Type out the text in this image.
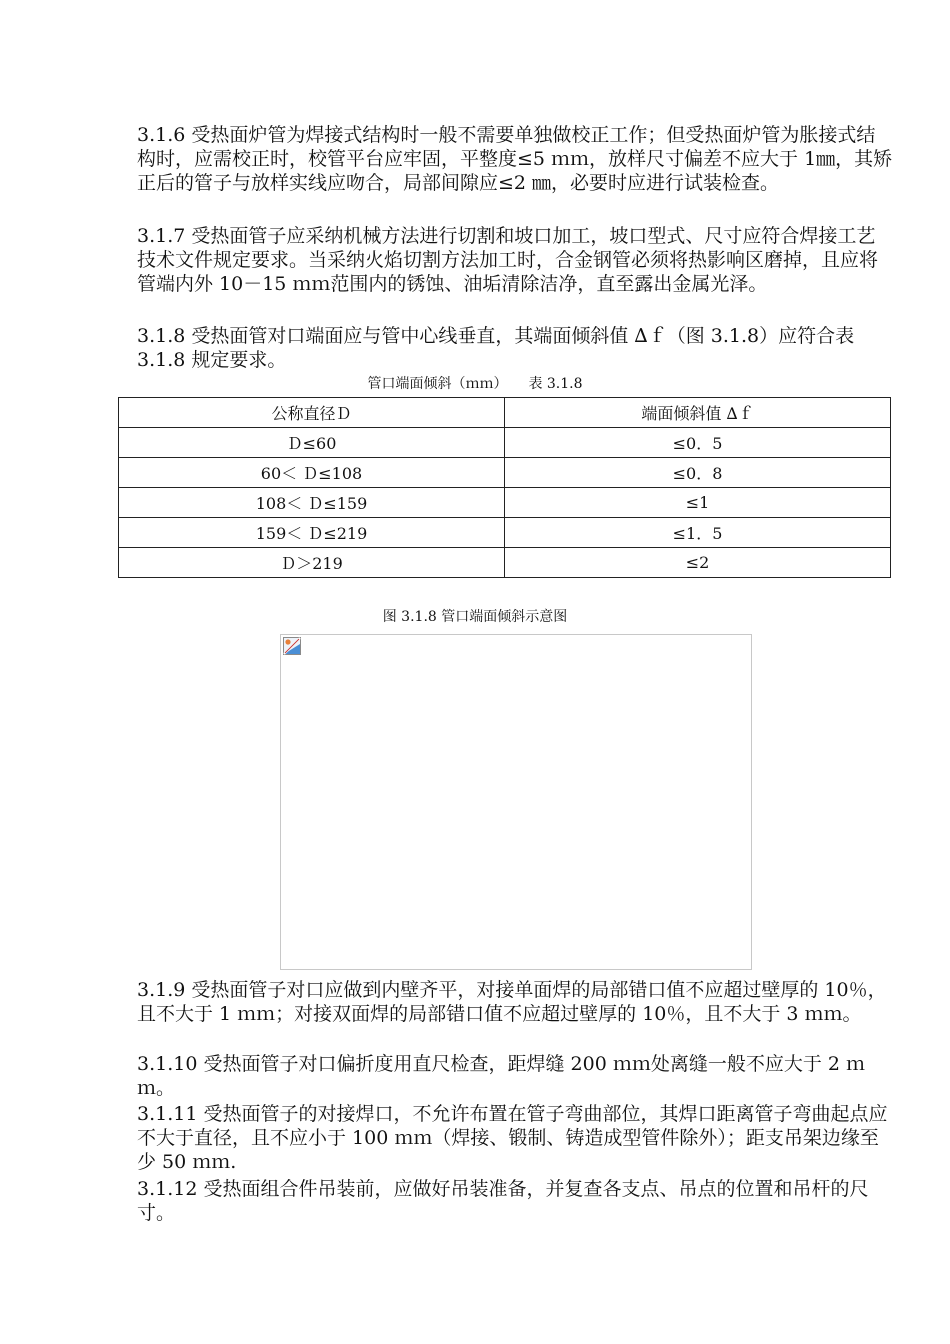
3.1.6 受热面炉管为焊接式结构时一般不需要单独做校正工作；但受热面炉管为胀接式结构时，应需校正时，校管平台应牢固，平整度≤5 ｍｍ，放样尺寸偏差不应大于 1㎜，其矫正后的管子与放样实线应吻合，局部间隙应≤2 ㎜，必要时应进行试装检查。

3.1.7 受热面管子应采纳机械方法进行切割和坡口加工，坡口型式、尺寸应符合焊接工艺技术文件规定要求。当采纳火焰切割方法加工时，合金钢管必须将热影响区磨掉，且应将管端内外 10－15 ｍｍ范围内的锈蚀、油垢清除洁净，直至露出金属光泽。

3.1.8 受热面管对口端面应与管中心线垂直，其端面倾斜值 ∆ｆ（图 3.1.8）应符合表 3.1.8 规定要求。

管口端面倾斜（ｍｍ）　　表 3.1.8
公称直径Ｄ	端面倾斜值 ∆ｆ
Ｄ≤60	≤0．5
60＜ Ｄ≤108	≤0．8
108＜ Ｄ≤159	≤1
159＜ Ｄ≤219	≤1．5
Ｄ＞219	≤2
图 3.1.8 管口端面倾斜示意图

3.1.9 受热面管子对口应做到内壁齐平，对接单面焊的局部错口值不应超过壁厚的 10％，且不大于 1 ｍｍ；对接双面焊的局部错口值不应超过壁厚的 10％，且不大于 3 ｍｍ。

3.1.10 受热面管子对口偏折度用直尺检查，距焊缝 200 ｍｍ处离缝一般不应大于 2 ｍｍ。

3.1.11 受热面管子的对接焊口，不允许布置在管子弯曲部位，其焊口距离管子弯曲起点应不大于直径，且不应小于 100 ｍｍ（焊接、锻制、铸造成型管件除外）；距支吊架边缘至少 50 ｍｍ.

3.1.12 受热面组合件吊装前，应做好吊装准备，并复查各支点、吊点的位置和吊杆的尺寸。
